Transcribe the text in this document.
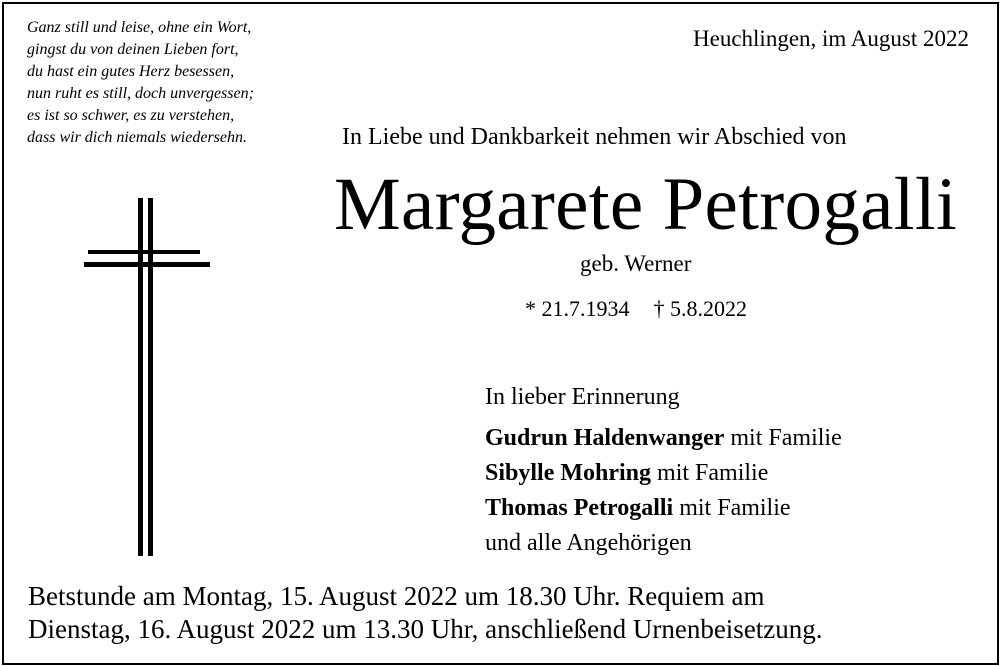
Ganz still und leise, ohne ein Wort,
gingst du von deinen Lieben fort,
du hast ein gutes Herz besessen,
nun ruht es still, doch unvergessen;
es ist so schwer, es zu verstehen,
dass wir dich niemals wiedersehn.
Heuchlingen, im August 2022
In Liebe und Dankbarkeit nehmen wir Abschied von
Margarete Petrogalli
geb. Werner
* 21.7.1934 † 5.8.2022
In lieber Erinnerung
Gudrun Haldenwanger mit Familie
Sibylle Mohring mit Familie
Thomas Petrogalli mit Familie
und alle Angehörigen
Betstunde am Montag, 15. August 2022 um 18.30 Uhr. Requiem am
Dienstag, 16. August 2022 um 13.30 Uhr, anschließend Urnenbeisetzung.
